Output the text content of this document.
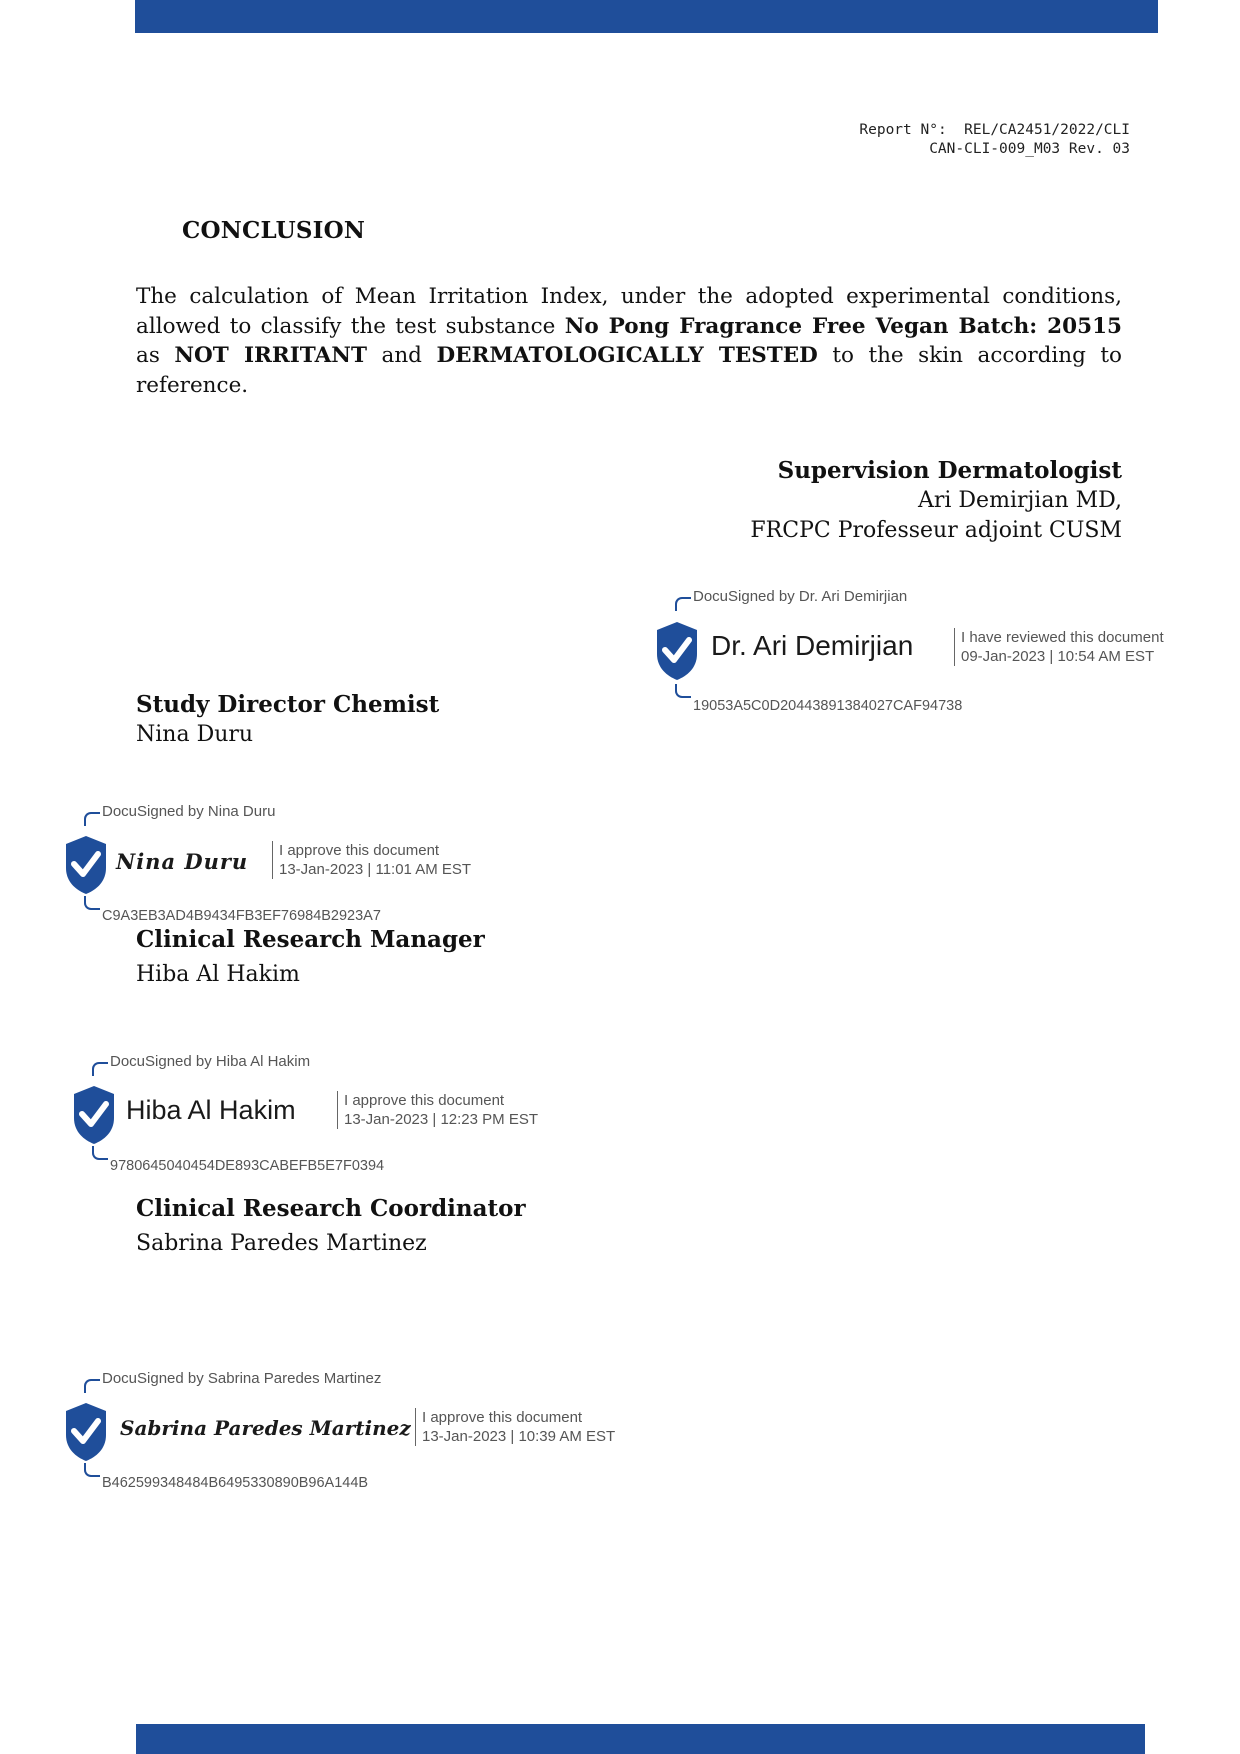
Report N°:  REL/CA2451/2022/CLI
CAN-CLI-009_M03 Rev. 03
CONCLUSION
The calculation of Mean Irritation Index, under the adopted experimental conditions, allowed to classify the test substance No Pong Fragrance Free Vegan Batch: 20515 as NOT IRRITANT and DERMATOLOGICALLY TESTED to the skin according to reference.
Supervision Dermatologist
Ari Demirjian MD,
FRCPC Professeur adjoint CUSM
DocuSigned by Dr. Ari Demirjian
Dr. Ari Demirjian	I have reviewed this document
09-Jan-2023 | 10:54 AM EST
19053A5C0D20443891384027CAF94738
Study Director Chemist
Nina Duru
DocuSigned by Nina Duru
Nina Duru I approve this document
13-Jan-2023 | 11:01 AM EST
C9A3EB3AD4B9434FB3EF76984B2923A7
Clinical Research Manager
Hiba Al Hakim
DocuSigned by Hiba Al Hakim
Hiba Al Hakim	I approve this document
13-Jan-2023 | 12:23 PM EST
9780645040454DE893CABEFB5E7F0394
Clinical Research Coordinator
Sabrina Paredes Martinez
DocuSigned by Sabrina Paredes Martinez
Sabrina Paredes Martinez I approve this document
13-Jan-2023 | 10:39 AM EST
B462599348484B6495330890B96A144B
